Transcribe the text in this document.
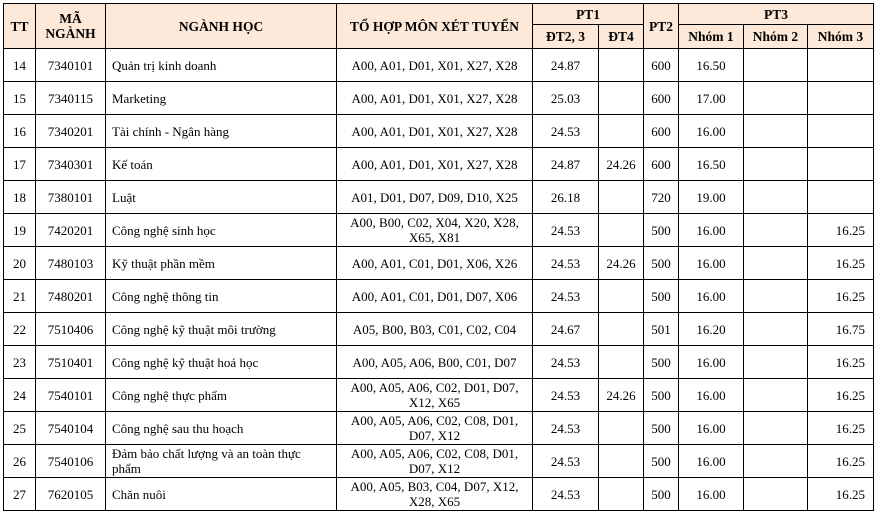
TT	MÃ NGÀNH	NGÀNH HỌC	TỔ HỢP MÔN XÉT TUYỂN	PT1		PT2	PT3		
				ĐT2, 3	ĐT4		Nhóm 1	Nhóm 2	Nhóm 3
14	7340101	Quản trị kinh doanh	A00, A01, D01, X01, X27, X28	24.87		600	16.50		
15	7340115	Marketing	A00, A01, D01, X01, X27, X28	25.03		600	17.00		
16	7340201	Tài chính - Ngân hàng	A00, A01, D01, X01, X27, X28	24.53		600	16.00		
17	7340301	Kế toán	A00, A01, D01, X01, X27, X28	24.87	24.26	600	16.50		
18	7380101	Luật	A01, D01, D07, D09, D10, X25	26.18		720	19.00		
19	7420201	Công nghệ sinh học	A00, B00, C02, X04, X20, X28, X65, X81	24.53		500	16.00		16.25
20	7480103	Kỹ thuật phần mềm	A00, A01, C01, D01, X06, X26	24.53	24.26	500	16.00		16.25
21	7480201	Công nghệ thông tin	A00, A01, C01, D01, D07, X06	24.53		500	16.00		16.25
22	7510406	Công nghệ kỹ thuật môi trường	A05, B00, B03, C01, C02, C04	24.67		501	16.20		16.75
23	7510401	Công nghệ kỹ thuật hoá học	A00, A05, A06, B00, C01, D07	24.53		500	16.00		16.25
24	7540101	Công nghệ thực phẩm	A00, A05, A06, C02, D01, D07, X12, X65	24.53	24.26	500	16.00		16.25
25	7540104	Công nghệ sau thu hoạch	A00, A05, A06, C02, C08, D01, D07, X12	24.53		500	16.00		16.25
26	7540106	Đảm bảo chất lượng và an toàn thực phẩm	A00, A05, A06, C02, C08, D01, D07, X12	24.53		500	16.00		16.25
27	7620105	Chăn nuôi	A00, A05, B03, C04, D07, X12, X28, X65	24.53		500	16.00		16.25
